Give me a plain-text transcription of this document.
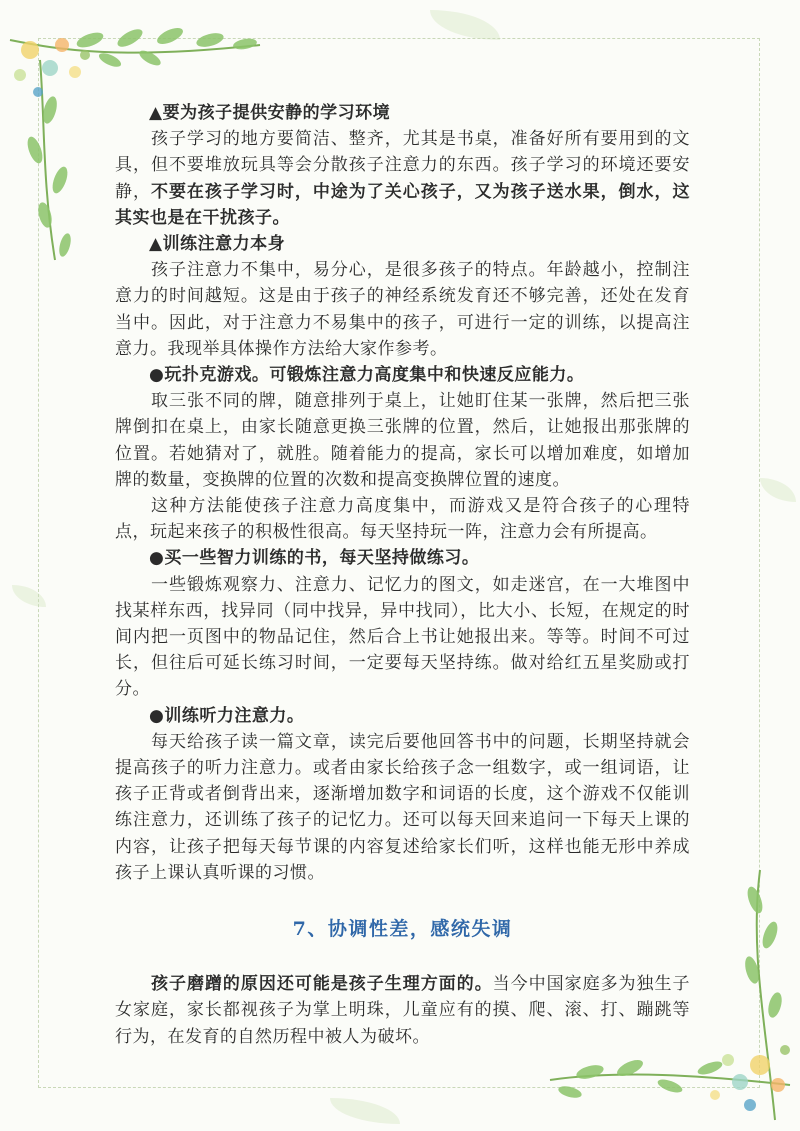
▲要为孩子提供安静的学习环境

孩子学习的地方要简洁、整齐，尤其是书桌，准备好所有要用到的文具，但不要堆放玩具等会分散孩子注意力的东西。孩子学习的环境还要安静，不要在孩子学习时，中途为了关心孩子，又为孩子送水果，倒水，这其实也是在干扰孩子。

▲训练注意力本身

孩子注意力不集中，易分心，是很多孩子的特点。年龄越小，控制注意力的时间越短。这是由于孩子的神经系统发育还不够完善，还处在发育当中。因此，对于注意力不易集中的孩子，可进行一定的训练，以提高注意力。我现举具体操作方法给大家作参考。

●玩扑克游戏。可锻炼注意力高度集中和快速反应能力。

取三张不同的牌，随意排列于桌上，让她盯住某一张牌，然后把三张牌倒扣在桌上，由家长随意更换三张牌的位置，然后，让她报出那张牌的位置。若她猜对了，就胜。随着能力的提高，家长可以增加难度，如增加牌的数量，变换牌的位置的次数和提高变换牌位置的速度。

这种方法能使孩子注意力高度集中，而游戏又是符合孩子的心理特点，玩起来孩子的积极性很高。每天坚持玩一阵，注意力会有所提高。

●买一些智力训练的书，每天坚持做练习。

一些锻炼观察力、注意力、记忆力的图文，如走迷宫，在一大堆图中找某样东西，找异同（同中找异，异中找同），比大小、长短，在规定的时间内把一页图中的物品记住，然后合上书让她报出来。等等。时间不可过长，但往后可延长练习时间，一定要每天坚持练。做对给红五星奖励或打分。

●训练听力注意力。

每天给孩子读一篇文章，读完后要他回答书中的问题，长期坚持就会提高孩子的听力注意力。或者由家长给孩子念一组数字，或一组词语，让孩子正背或者倒背出来，逐渐增加数字和词语的长度，这个游戏不仅能训练注意力，还训练了孩子的记忆力。还可以每天回来追问一下每天上课的内容，让孩子把每天每节课的内容复述给家长们听，这样也能无形中养成孩子上课认真听课的习惯。

7、协调性差，感统失调

孩子磨蹭的原因还可能是孩子生理方面的。当今中国家庭多为独生子女家庭，家长都视孩子为掌上明珠，儿童应有的摸、爬、滚、打、蹦跳等行为，在发育的自然历程中被人为破坏。
